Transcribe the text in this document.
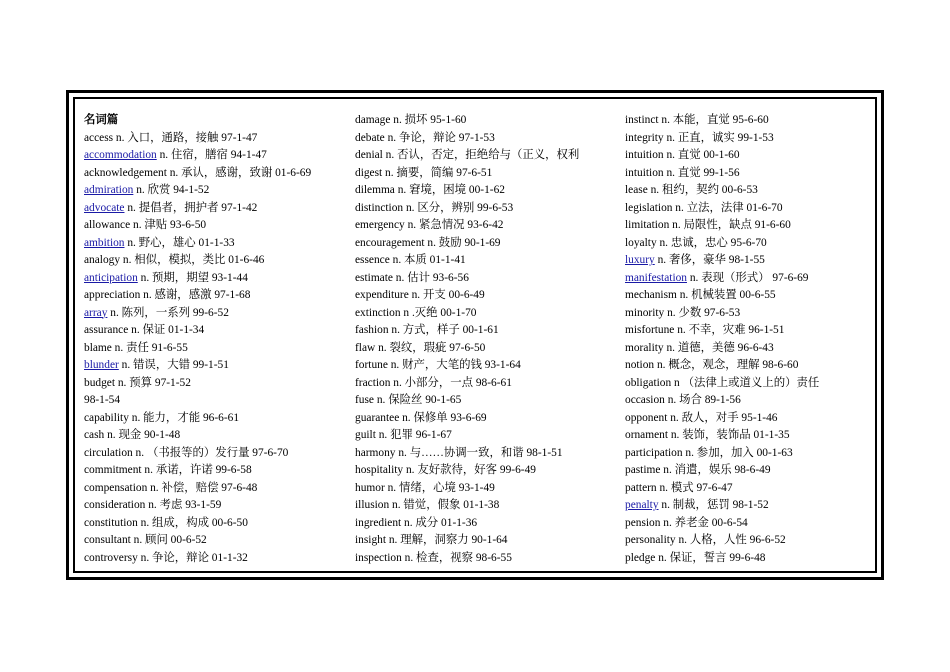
名词篇
access n. 入口，通路，接触 97-1-47
accommodation n. 住宿，膳宿 94-1-47
acknowledgement n. 承认，感谢，致谢 01-6-69
admiration n. 欣赏 94-1-52
advocate n. 提倡者，拥护者 97-1-42
allowance n. 津贴 93-6-50
ambition n. 野心，雄心 01-1-33
analogy n. 相似，模拟，类比 01-6-46
anticipation n. 预期，期望 93-1-44
appreciation n. 感谢，感激 97-1-68
array n. 陈列，一系列 99-6-52
assurance n. 保证 01-1-34
blame n. 责任 91-6-55
blunder n. 错误，大错 99-1-51
budget n. 预算 97-1-52
98-1-54
capability n. 能力，才能 96-6-61
cash n. 现金 90-1-48
circulation n. （书报等的）发行量 97-6-70
commitment n. 承诺，许诺 99-6-58
compensation n. 补偿，赔偿 97-6-48
consideration n. 考虑 93-1-59
constitution n. 组成，构成 00-6-50
consultant n. 顾问 00-6-52
controversy n. 争论，辩论 01-1-32
damage n. 损坏 95-1-60
debate n. 争论，辩论 97-1-53
denial n. 否认，否定，拒绝给与（正义，权利
digest n. 摘要，简编 97-6-51
dilemma n. 窘境，困境 00-1-62
distinction n. 区分，辨别 99-6-53
emergency n. 紧急情况 93-6-42
encouragement n. 鼓励 90-1-69
essence n. 本质 01-1-41
estimate n. 估计 93-6-56
expenditure n. 开支 00-6-49
extinction n .灭绝 00-1-70
fashion n. 方式，样子 00-1-61
flaw n. 裂纹，瑕疵 97-6-50
fortune n. 财产，大笔的钱 93-1-64
fraction n. 小部分，一点 98-6-61
fuse n. 保险丝 90-1-65
guarantee n. 保修单 93-6-69
guilt n. 犯罪 96-1-67
harmony n. 与……协调一致，和谐 98-1-51
hospitality n. 友好款待，好客 99-6-49
humor n. 情绪，心境 93-1-49
illusion n. 错觉，假象 01-1-38
ingredient n. 成分 01-1-36
insight n. 理解，洞察力 90-1-64
inspection n. 检查，视察 98-6-55
instinct n. 本能，直觉 95-6-60
integrity n. 正直，诚实 99-1-53
intuition n. 直觉 00-1-60
intuition n. 直觉 99-1-56
lease n. 租约，契约 00-6-53
legislation n. 立法，法律 01-6-70
limitation n. 局限性，缺点 91-6-60
loyalty n. 忠诚，忠心 95-6-70
luxury n. 奢侈，豪华 98-1-55
manifestation n. 表现（形式） 97-6-69
mechanism n. 机械装置 00-6-55
minority n. 少数 97-6-53
misfortune n. 不幸，灾难 96-1-51
morality n. 道德，美德 96-6-43
notion n. 概念，观念，理解 98-6-60
obligation n （法律上或道义上的）责任
occasion n. 场合 89-1-56
opponent n. 敌人，对手 95-1-46
ornament n. 装饰，装饰品 01-1-35
participation n. 参加，加入 00-1-63
pastime n. 消遣，娱乐 98-6-49
pattern n. 模式 97-6-47
penalty n. 制裁，惩罚 98-1-52
pension n. 养老金 00-6-54
personality n. 人格，人性 96-6-52
pledge n. 保证，誓言 99-6-48
